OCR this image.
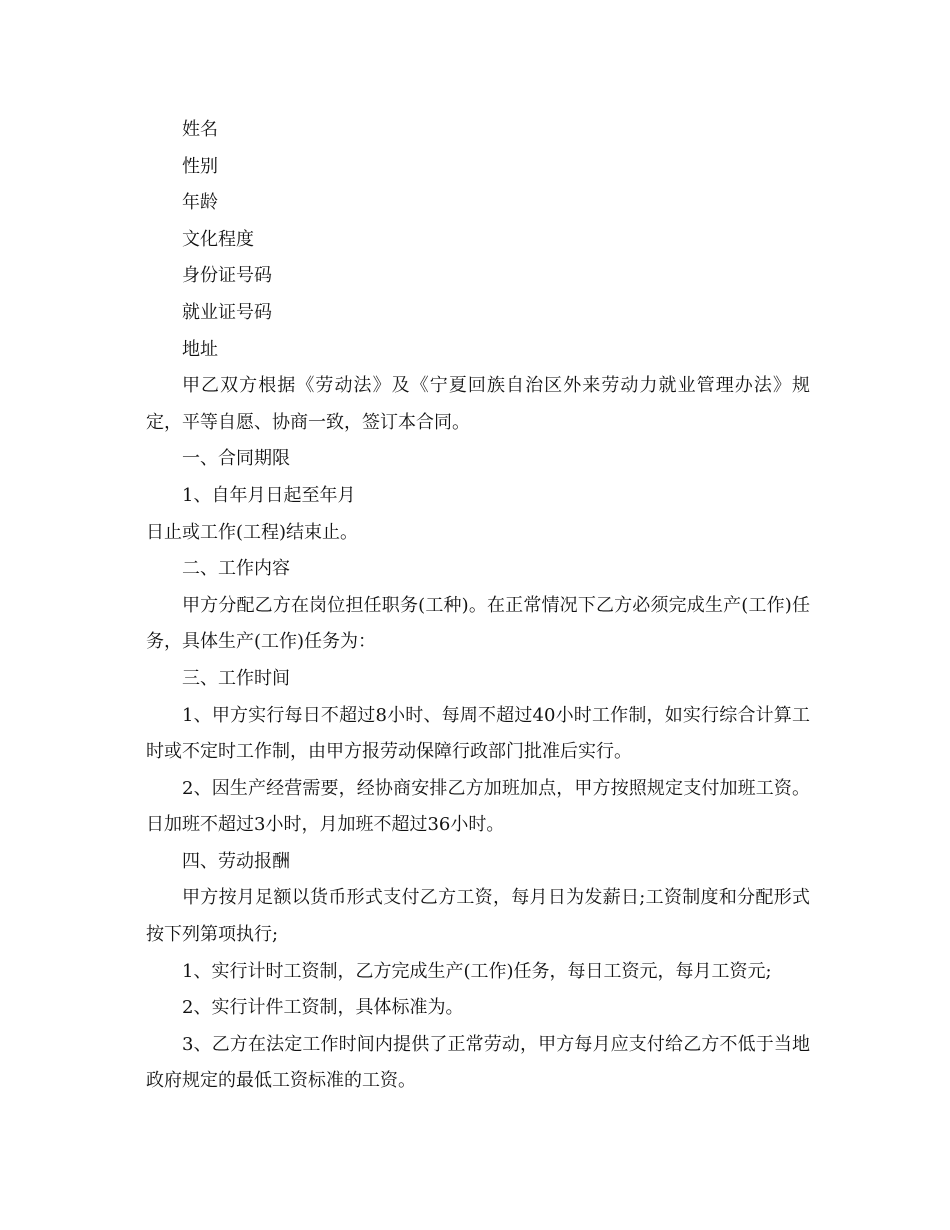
姓名

性别

年龄

文化程度

身份证号码

就业证号码

地址

甲乙双方根据《劳动法》及《宁夏回族自治区外来劳动力就业管理办法》规定，平等自愿、协商一致，签订本合同。

一、合同期限

1、自年月日起至年月

日止或工作(工程)结束止。

二、工作内容

甲方分配乙方在岗位担任职务(工种)。在正常情况下乙方必须完成生产(工作)任务，具体生产(工作)任务为：

三、工作时间

1、甲方实行每日不超过8小时、每周不超过40小时工作制，如实行综合计算工时或不定时工作制，由甲方报劳动保障行政部门批准后实行。

2、因生产经营需要，经协商安排乙方加班加点，甲方按照规定支付加班工资。日加班不超过3小时，月加班不超过36小时。

四、劳动报酬

甲方按月足额以货币形式支付乙方工资，每月日为发薪日;工资制度和分配形式按下列第项执行;

1、实行计时工资制，乙方完成生产(工作)任务，每日工资元，每月工资元;

2、实行计件工资制，具体标准为。

3、乙方在法定工作时间内提供了正常劳动，甲方每月应支付给乙方不低于当地政府规定的最低工资标准的工资。
